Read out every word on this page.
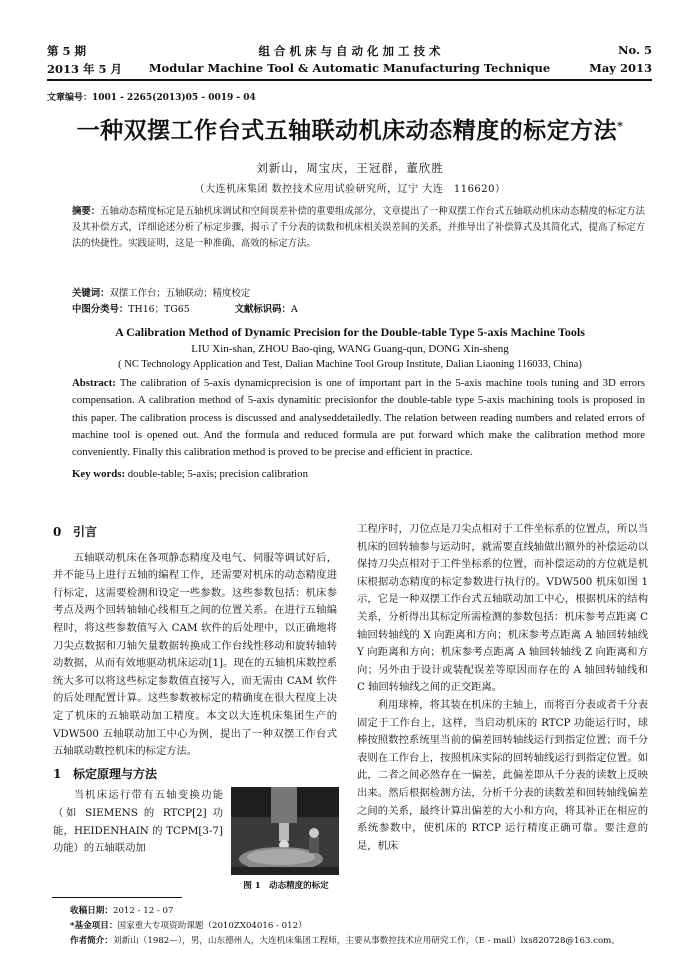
第 5 期	组 合 机 床 与 自 动 化 加 工 技 术	No. 5
2013 年 5 月	Modular Machine Tool & Automatic Manufacturing Technique	May 2013
文章编号：1001 - 2265(2013)05 - 0019 - 04
一种双摆工作台式五轴联动机床动态精度的标定方法*
刘新山，周宝庆，王冠群，董欣胜
（大连机床集团 数控技术应用试验研究所，辽宁 大连　116620）
摘要：五轴动态精度标定是五轴机床调试和空间误差补偿的重要组成部分，文章提出了一种双摆工作台式五轴联动机床动态精度的标定方法及其补偿方式，详细论述分析了标定步骤，揭示了千分表的读数和机床相关误差间的关系，并推导出了补偿算式及其简化式，提高了标定方法的快捷性。实践证明，这是一种准确、高效的标定方法。
关键词：双摆工作台；五轴联动；精度校定
中图分类号：TH16；TG65	文献标识码：A
A Calibration Method of Dynamic Precision for the Double-table Type 5-axis Machine Tools
LIU Xin-shan, ZHOU Bao-qing, WANG Guang-qun, DONG Xin-sheng
( NC Technology Application and Test, Dalian Machine Tool Group Institute, Dalian Liaoning 116033, China)
Abstract: The calibration of 5-axis dynamicprecision is one of important part in the 5-axis machine tools tuning and 3D errors compensation. A calibration method of 5-axis dynamitic precisionfor the double-table type 5-axis machining tools is proposed in this paper. The calibration process is discussed and analyseddetailedly. The relation between reading numbers and related errors of machine tool is opened out. And the formula and reduced formula are put forward which make the calibration method more conveniently. Finally this calibration method is proved to be precise and efficient in practice.
Key words: double-table; 5-axis; precision calibration
0 引言
五轴联动机床在各项静态精度及电气、伺服等调试好后，并不能马上进行五轴的编程工作，还需要对机床的动态精度进行标定，这需要检测和设定一些参数。这些参数包括：机床参考点及两个回转轴轴心线相互之间的位置关系。在进行五轴编程时，将这些参数值写入 CAM 软件的后处理中，以正确地将刀尖点数据和刀轴矢量数据转换成工作台线性移动和旋转轴转动数据，从而有效地驱动机床运动[1]。现在的五轴机床数控系统大多可以将这些标定参数值直接写入，而无需由 CAM 软件的后处理配置计算。这些参数被标定的精确度在很大程度上决定了机床的五轴联动加工精度。本文以大连机床集团生产的 VDW500 五轴联动加工中心为例，提出了一种双摆工作台式五轴联动数控机床的标定方法。
1 标定原理与方法
当机床运行带有五轴变换功能（如 SIEMENS 的 RTCP[2] 功能，HEIDENHAIN 的 TCPM[3-7] 功能）的五轴联动加
图 1　动态精度的标定
工程序时，刀位点是刀尖点相对于工件坐标系的位置点，所以当机床的回转轴参与运动时，就需要直线轴做出额外的补偿运动以保持刀尖点相对于工件坐标系的位置，而补偿运动的方位就是机床根据动态精度的标定参数进行执行的。VDW500 机床如图 1 示，它是一种双摆工作台式五轴联动加工中心，根据机床的结构关系，分析得出其标定所需检测的参数包括：机床参考点距离 C 轴回转轴线的 X 向距离和方向；机床参考点距离 A 轴回转轴线 Y 向距离和方向；机床参考点距离 A 轴回转轴线 Z 向距离和方向；另外由于设计或装配误差等原因而存在的 A 轴回转轴线和 C 轴回转轴线之间的正交距离。
利用球棒，将其装在机床的主轴上，而将百分表或者千分表固定于工作台上，这样，当启动机床的 RTCP 功能运行时，球棒按照数控系统里当前的偏差回转轴线运行到指定位置；而千分表则在工作台上，按照机床实际的回转轴线运行到指定位置。如此，二者之间必然存在一偏差，此偏差即从千分表的读数上反映出来。然后根据检测方法，分析千分表的读数差和回转轴线偏差之间的关系，最终计算出偏差的大小和方向，将其补正在相应的系统参数中，使机床的 RTCP 运行精度正确可靠。要注意的是，机床
收稿日期：2012 - 12 - 07
*基金项目：国家重大专项资助课题（2010ZX04016 - 012）
作者简介：刘新山（1982—），男，山东德州人，大连机床集团工程师，主要从事数控技术应用研究工作，（E - mail）lxs820728@163.com。
